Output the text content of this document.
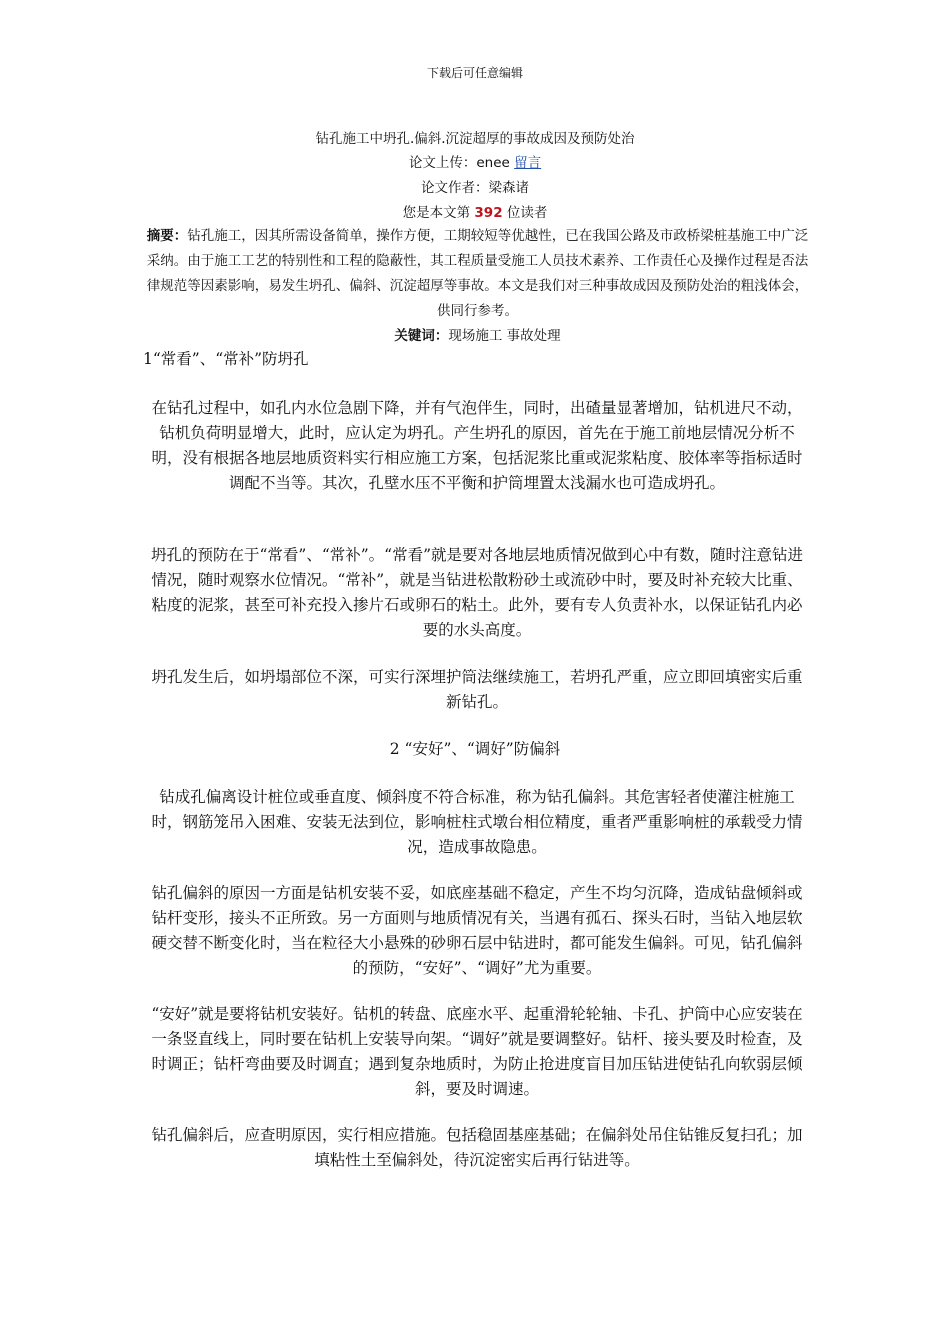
下载后可任意编辑
钻孔施工中坍孔.偏斜.沉淀超厚的事故成因及预防处治
论文上传：enee 留言
论文作者：梁森诸
您是本文第 392 位读者
摘要：钻孔施工，因其所需设备简单，操作方便，工期较短等优越性，已在我国公路及市政桥梁桩基施工中广泛采纳。由于施工工艺的特别性和工程的隐蔽性，其工程质量受施工人员技术素养、工作责任心及操作过程是否法律规范等因素影响，易发生坍孔、偏斜、沉淀超厚等事故。本文是我们对三种事故成因及预防处治的粗浅体会，供同行参考。
关键词：现场施工 事故处理
1“常看”、“常补”防坍孔
在钻孔过程中，如孔内水位急剧下降，并有气泡伴生，同时，出碴量显著增加，钻机进尺不动，钻机负荷明显增大，此时，应认定为坍孔。产生坍孔的原因，首先在于施工前地层情况分析不明，没有根据各地层地质资料实行相应施工方案，包括泥浆比重或泥浆粘度、胶体率等指标适时调配不当等。其次，孔壁水压不平衡和护筒埋置太浅漏水也可造成坍孔。
坍孔的预防在于“常看”、“常补”。“常看”就是要对各地层地质情况做到心中有数，随时注意钻进情况，随时观察水位情况。“常补”，就是当钻进松散粉砂土或流砂中时，要及时补充较大比重、粘度的泥浆，甚至可补充投入掺片石或卵石的粘土。此外，要有专人负责补水，以保证钻孔内必要的水头高度。
坍孔发生后，如坍塌部位不深，可实行深埋护筒法继续施工，若坍孔严重，应立即回填密实后重新钻孔。
2 “安好”、“调好”防偏斜
钻成孔偏离设计桩位或垂直度、倾斜度不符合标准，称为钻孔偏斜。其危害轻者使灌注桩施工时，钢筋笼吊入困难、安装无法到位，影响桩柱式墩台相位精度，重者严重影响桩的承载受力情况，造成事故隐患。
钻孔偏斜的原因一方面是钻机安装不妥，如底座基础不稳定，产生不均匀沉降，造成钻盘倾斜或钻杆变形，接头不正所致。另一方面则与地质情况有关，当遇有孤石、探头石时，当钻入地层软硬交替不断变化时，当在粒径大小悬殊的砂卵石层中钻进时，都可能发生偏斜。可见，钻孔偏斜的预防，“安好”、“调好”尤为重要。
“安好”就是要将钻机安装好。钻机的转盘、底座水平、起重滑轮轮轴、卡孔、护筒中心应安装在一条竖直线上，同时要在钻机上安装导向架。“调好”就是要调整好。钻杆、接头要及时检查，及时调正；钻杆弯曲要及时调直；遇到复杂地质时，为防止抢进度盲目加压钻进使钻孔向软弱层倾斜，要及时调速。
钻孔偏斜后，应查明原因，实行相应措施。包括稳固基座基础；在偏斜处吊住钻锥反复扫孔；加填粘性土至偏斜处，待沉淀密实后再行钻进等。
